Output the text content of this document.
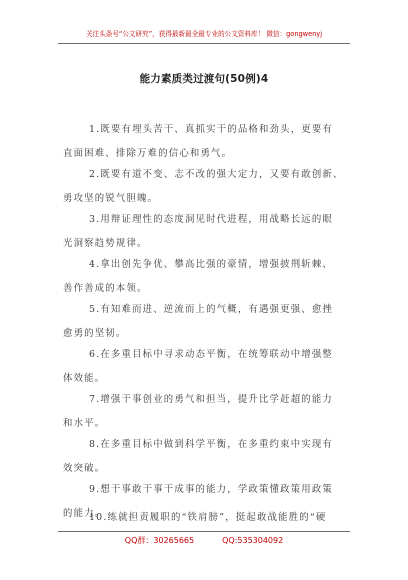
关注头条号“公文研究”，获得最新最全最专业的公文资料库！ 微信：gongwenyj
能力素质类过渡句(50例)4
1.既要有埋头苦干、真抓实干的品格和劲头，更要有
直面困难、排除万难的信心和勇气。
2.既要有道不变、志不改的强大定力，又要有敢创新、
勇攻坚的锐气胆魄。
3.用辩证理性的态度洞见时代进程，用战略长远的眼
光洞察趋势规律。
4.拿出创先争优、攀高比强的豪情，增强披荆斩棘、
善作善成的本领。
5.有知难而进、逆流而上的气概，有遇强更强、愈挫
愈勇的坚韧。
6.在多重目标中寻求动态平衡，在统筹联动中增强整
体效能。
7.增强干事创业的勇气和担当，提升比学赶超的能力
和水平。
8.在多重目标中做到科学平衡，在多重约束中实现有
效突破。
9.想干事敢干事干成事的能力，学政策懂政策用政策
的能力。
10.练就担责履职的“铁肩膀”，挺起敢战能胜的“硬
QQ群：30265665	QQ:535304092
